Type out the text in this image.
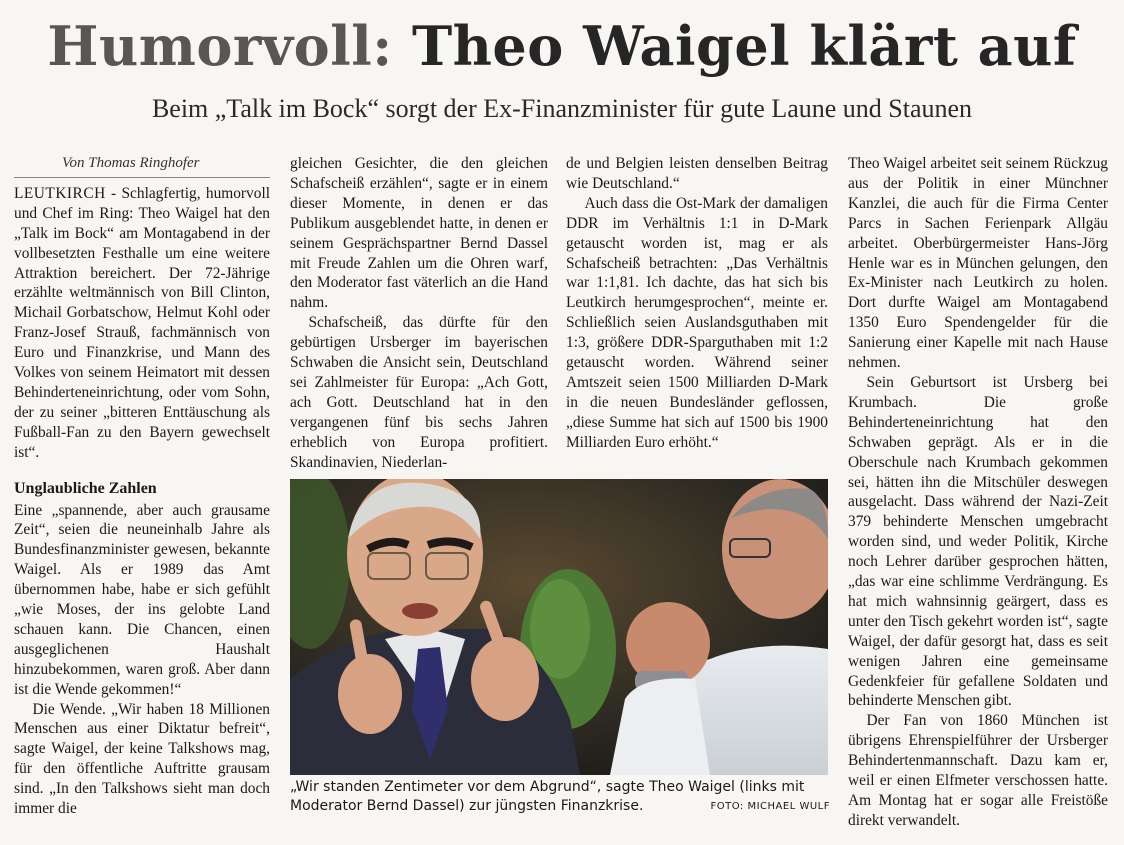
Humorvoll: Theo Waigel klärt auf
Beim „Talk im Bock“ sorgt der Ex-Finanzminister für gute Laune und Staunen
Von Thomas Ringhofer

LEUTKIRCH - Schlagfertig, humorvoll und Chef im Ring: Theo Waigel hat den „Talk im Bock“ am Montagabend in der vollbesetzten Festhalle um eine weitere Attraktion bereichert. Der 72-Jährige erzählte weltmännisch von Bill Clinton, Michail Gorbatschow, Helmut Kohl oder Franz-Josef Strauß, fachmännisch von Euro und Finanzkrise, und Mann des Volkes von seinem Heimatort mit dessen Behinderteneinrichtung, oder vom Sohn, der zu seiner „bitteren Enttäuschung als Fußball-Fan zu den Bayern gewechselt ist“.

Unglaubliche Zahlen

Eine „spannende, aber auch grausame Zeit“, seien die neuneinhalb Jahre als Bundesfinanzminister gewesen, bekannte Waigel. Als er 1989 das Amt übernommen habe, habe er sich gefühlt „wie Moses, der ins gelobte Land schauen kann. Die Chancen, einen ausgeglichenen Haushalt hinzubekommen, waren groß. Aber dann ist die Wende gekommen!“

Die Wende. „Wir haben 18 Millionen Menschen aus einer Diktatur befreit“, sagte Waigel, der keine Talkshows mag, für den öffentliche Auftritte grausam sind. „In den Talkshows sieht man doch immer die

gleichen Gesichter, die den gleichen Schafscheiß erzählen“, sagte er in einem dieser Momente, in denen er das Publikum ausgeblendet hatte, in denen er seinem Gesprächspartner Bernd Dassel mit Freude Zahlen um die Ohren warf, den Moderator fast väterlich an die Hand nahm.

Schafscheiß, das dürfte für den gebürtigen Ursberger im bayerischen Schwaben die Ansicht sein, Deutschland sei Zahlmeister für Europa: „Ach Gott, ach Gott. Deutschland hat in den vergangenen fünf bis sechs Jahren erheblich von Europa profitiert. Skandinavien, Niederlan-

de und Belgien leisten denselben Beitrag wie Deutschland.“

Auch dass die Ost-Mark der damaligen DDR im Verhältnis 1:1 in D-Mark getauscht worden ist, mag er als Schafscheiß betrachten: „Das Verhältnis war 1:1,81. Ich dachte, das hat sich bis Leutkirch herumgesprochen“, meinte er. Schließlich seien Auslandsguthaben mit 1:3, größere DDR-Sparguthaben mit 1:2 getauscht worden. Während seiner Amtszeit seien 1500 Milliarden D-Mark in die neuen Bundesländer geflossen, „diese Summe hat sich auf 1500 bis 1900 Milliarden Euro erhöht.“

Theo Waigel arbeitet seit seinem Rückzug aus der Politik in einer Münchner Kanzlei, die auch für die Firma Center Parcs in Sachen Ferienpark Allgäu arbeitet. Oberbürgermeister Hans-Jörg Henle war es in München gelungen, den Ex-Minister nach Leutkirch zu holen. Dort durfte Waigel am Montagabend 1350 Euro Spendengelder für die Sanierung einer Kapelle mit nach Hause nehmen.

Sein Geburtsort ist Ursberg bei Krumbach. Die große Behinderteneinrichtung hat den Schwaben geprägt. Als er in die Oberschule nach Krumbach gekommen sei, hätten ihn die Mitschüler deswegen ausgelacht. Dass während der Nazi-Zeit 379 behinderte Menschen umgebracht worden sind, und weder Politik, Kirche noch Lehrer darüber gesprochen hätten, „das war eine schlimme Verdrängung. Es hat mich wahnsinnig geärgert, dass es unter den Tisch gekehrt worden ist“, sagte Waigel, der dafür gesorgt hat, dass es seit wenigen Jahren eine gemeinsame Gedenkfeier für gefallene Soldaten und behinderte Menschen gibt.

Der Fan von 1860 München ist übrigens Ehrenspielführer der Ursberger Behindertenmannschaft. Dazu kam er, weil er einen Elfmeter verschossen hatte. Am Montag hat er sogar alle Freistöße direkt verwandelt.

„Wir standen Zentimeter vor dem Abgrund“, sagte Theo Waigel (links mit Moderator Bernd Dassel) zur jüngsten Finanzkrise.	FOTO: MICHAEL WULF
